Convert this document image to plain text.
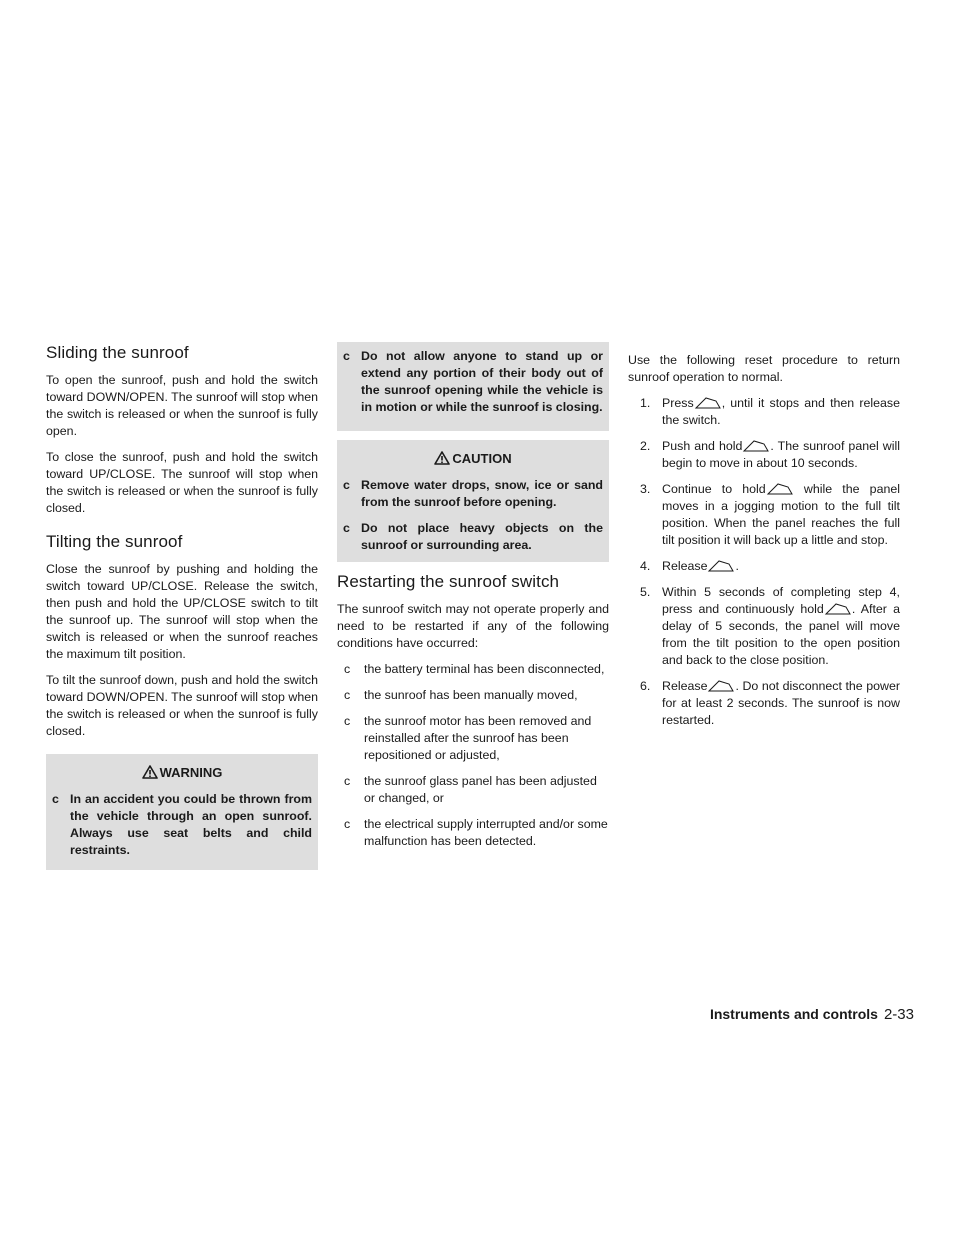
Sliding the sunroof

To open the sunroof, push and hold the switch toward DOWN/OPEN. The sunroof will stop when the switch is released or when the sunroof is fully open.

To close the sunroof, push and hold the switch toward UP/CLOSE. The sunroof will stop when the switch is released or when the sunroof is fully closed.

Tilting the sunroof

Close the sunroof by pushing and holding the switch toward UP/CLOSE. Release the switch, then push and hold the UP/CLOSE switch to tilt the sunroof up. The sunroof will stop when the switch is released or when the sunroof reaches the maximum tilt position.

To tilt the sunroof down, push and hold the switch toward DOWN/OPEN. The sunroof will stop when the switch is released or when the sunroof is fully closed.

WARNING
c In an accident you could be thrown from the vehicle through an open sunroof. Always use seat belts and child restraints.
c Do not allow anyone to stand up or extend any portion of their body out of the sunroof opening while the vehicle is in motion or while the sunroof is closing.
CAUTION
c Remove water drops, snow, ice or sand from the sunroof before opening.
c Do not place heavy objects on the sunroof or surrounding area.
Restarting the sunroof switch

The sunroof switch may not operate properly and need to be restarted if any of the following conditions have occurred:

c	the battery terminal has been disconnected,
c	the sunroof has been manually moved,
c	the sunroof motor has been removed and reinstalled after the sunroof has been repositioned or adjusted,
c	the sunroof glass panel has been adjusted or changed, or
c	the electrical supply interrupted and/or some malfunction has been detected.

Use the following reset procedure to return sunroof operation to normal.

1. Press , until it stops and then release the switch.
2. Push and hold . The sunroof panel will begin to move in about 10 seconds.
3. Continue to hold while the panel moves in a jogging motion to the full tilt position. When the panel reaches the full tilt position it will back up a little and stop.
4. Release .
5. Within 5 seconds of completing step 4, press and continuously hold . After a delay of 5 seconds, the panel will move from the tilt position to the open position and back to the close position.
6. Release . Do not disconnect the power for at least 2 seconds. The sunroof is now restarted.
Instruments and controls 2-33
